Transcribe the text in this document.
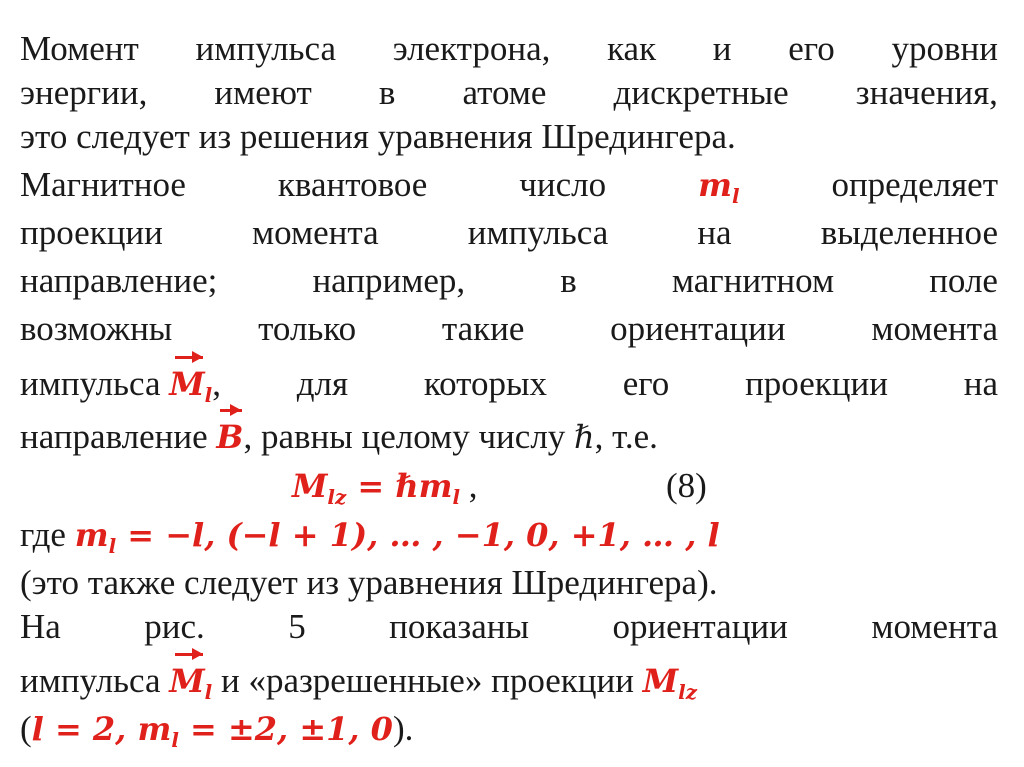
Момент импульса электрона, как и его уровни
энергии, имеют в атоме дискретные значения,
это следует из решения уравнения Шредингера.
Магнитное	квантовое	число	$m_l$	определяет
проекции	момента	импульса	на	выделенное
направление;	например,	в	магнитном	поле
возможны только такие ориентации момента
импульса $M_l$, для которых его проекции на
направление B, равны целому числу ℏ, т.е.
$M_{lz}$ = ℏm$_l$ ,	(8)
где $m_l = -l$, (−l + 1), … , −1, 0, +1, … , l
(это также следует из уравнения Шредингера).
На рис. 5 показаны ориентации момента
импульса $M_l$ и «разрешенные» проекции $M_{lz}$
(l = 2, $m_l = \pm 2$, ±1, 0).
